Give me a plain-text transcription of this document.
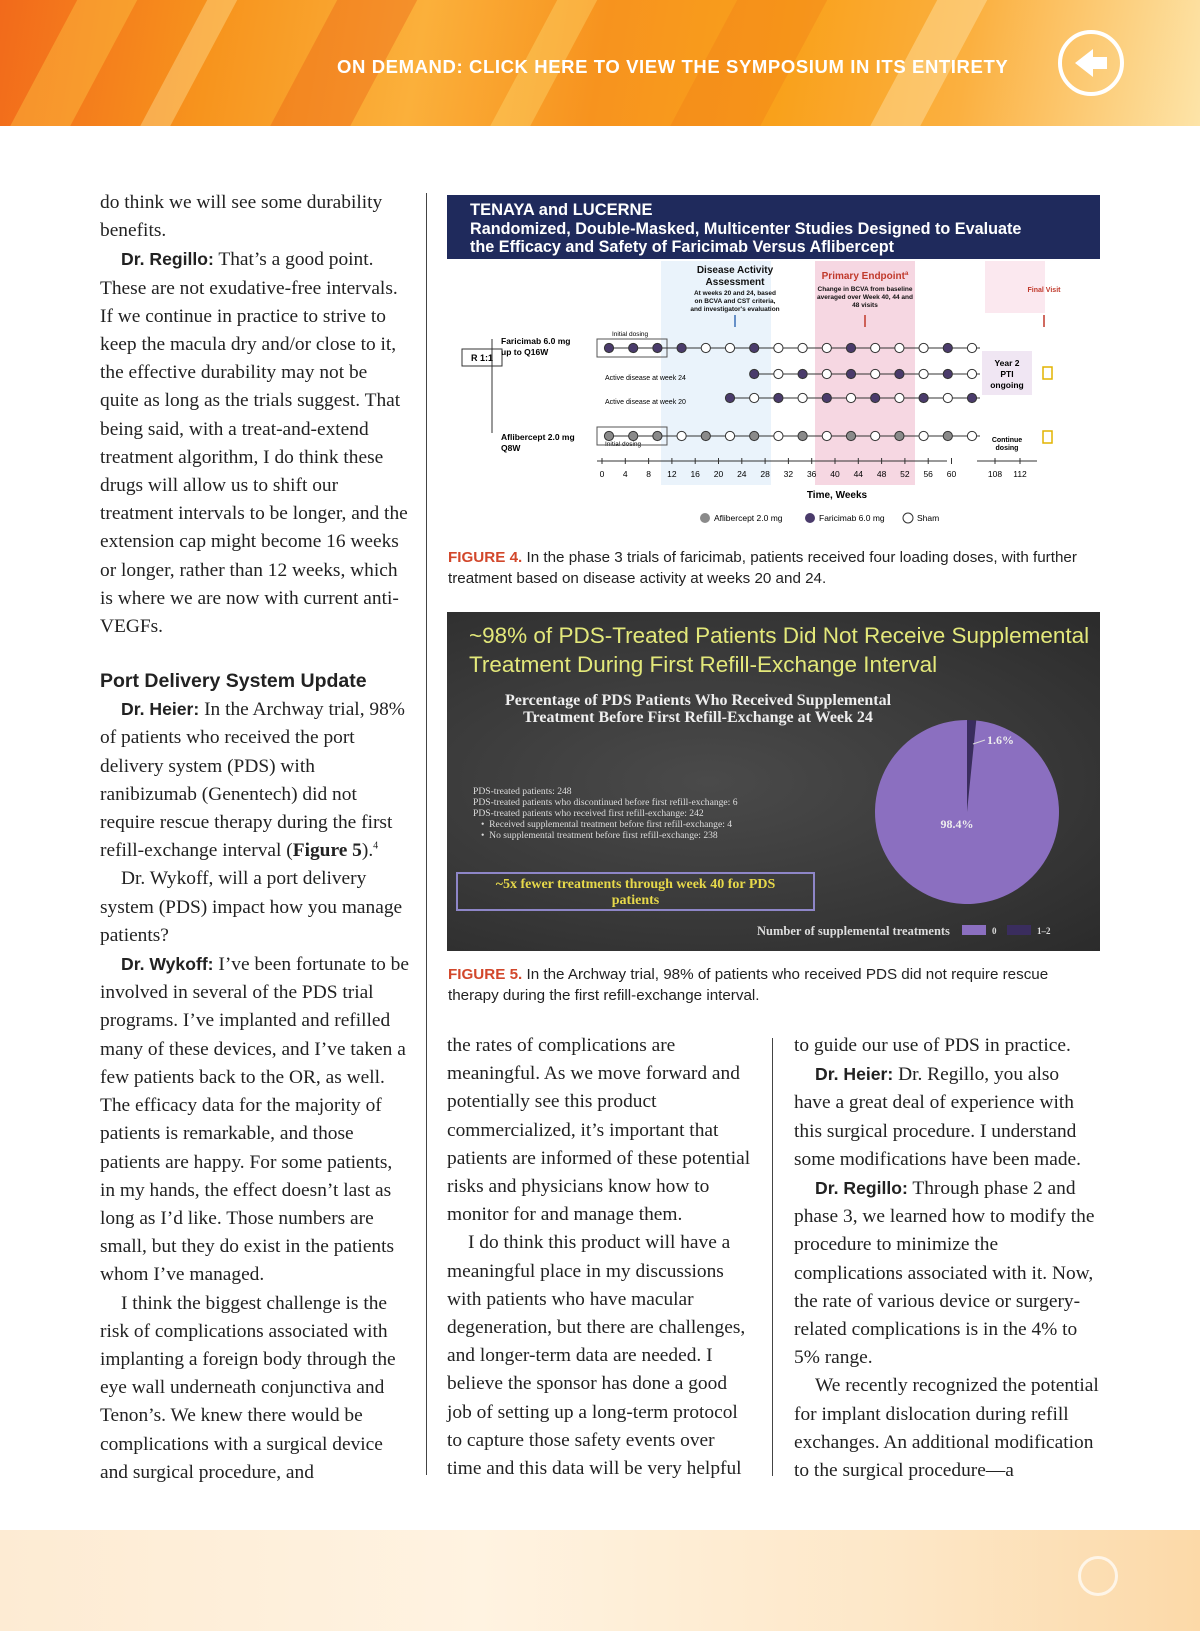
ON DEMAND: CLICK HERE TO VIEW THE SYMPOSIUM IN ITS ENTIRETY

do think we will see some durability benefits.

Dr. Regillo: That’s a good point. These are not exudative-free intervals. If we continue in practice to strive to keep the macula dry and/or close to it, the effective durability may not be quite as long as the trials suggest. That being said, with a treat-and-extend treatment algorithm, I do think these drugs will allow us to shift our treatment intervals to be longer, and the extension cap might become 16 weeks or longer, rather than 12 weeks, which is where we are now with current anti-VEGFs.

Port Delivery System Update

Dr. Heier: In the Archway trial, 98% of patients who received the port delivery system (PDS) with ranibizumab (Genentech) did not require rescue therapy during the first refill-exchange interval (Figure 5).$^4$

Dr. Wykoff, will a port delivery system (PDS) impact how you manage patients?

Dr. Wykoff: I’ve been fortunate to be involved in several of the PDS trial programs. I’ve implanted and refilled many of these devices, and I’ve taken a few patients back to the OR, as well. The efficacy data for the majority of patients is remarkable, and those patients are happy. For some patients, in my hands, the effect doesn’t last as long as I’d like. Those numbers are small, but they do exist in the patients whom I’ve managed.

I think the biggest challenge is the risk of complications associated with implanting a foreign body through the eye wall underneath conjunctiva and Tenon’s. We knew there would be complications with a surgical device and surgical procedure, and

TENAYA and LUCERNE
Randomized, Double-Masked, Multicenter Studies Designed to Evaluate
the Efficacy and Safety of Faricimab Versus Aflibercept
Disease Activity
Assessment
At weeks 20 and 24, based
on BCVA and CST criteria,
and investigator's evaluation
Primary Endpoint$^a$
Change in BCVA from baseline
averaged over Week 40, 44 and
48 visits
Final Visit
R 1:1
Faricimab 6.0 mg
up to Q16W
Aflibercept 2.0 mg
Q8W
Initial dosing
Active disease at week 24
Active disease at week 20
Initial dosing
Year 2
PTI
ongoing
Continue
dosing
0 4 8 12 16 20 24 28 32 36 40 44 48 52 56 60	108 112
Time, Weeks
Aflibercept 2.0 mg	Faricimab 6.0 mg	Sham
FIGURE 4. In the phase 3 trials of faricimab, patients received four loading doses, with further treatment based on disease activity at weeks 20 and 24.
~98% of PDS-Treated Patients Did Not Receive Supplemental
Treatment During First Refill-Exchange Interval
Percentage of PDS Patients Who Received Supplemental
Treatment Before First Refill-Exchange at Week 24
PDS-treated patients: 248
PDS-treated patients who discontinued before first refill-exchange: 6
PDS-treated patients who received first refill-exchange: 242
•  Received supplemental treatment before first refill-exchange: 4
•  No supplemental treatment before first refill-exchange: 238
~5x fewer treatments through week 40 for PDS
patients
98.4%
1.6%
0	1–2
Number of supplemental treatments
FIGURE 5. In the Archway trial, 98% of patients who received PDS did not require rescue therapy during the first refill-exchange interval.

the rates of complications are meaningful. As we move forward and potentially see this product commercialized, it’s important that patients are informed of these potential risks and physicians know how to monitor for and manage them.

I do think this product will have a meaningful place in my discussions with patients who have macular degeneration, but there are challenges, and longer-term data are needed. I believe the sponsor has done a good job of setting up a long-term protocol to capture those safety events over time and this data will be very helpful

to guide our use of PDS in practice.

Dr. Heier: Dr. Regillo, you also have a great deal of experience with this surgical procedure. I understand some modifications have been made.

Dr. Regillo: Through phase 2 and phase 3, we learned how to modify the procedure to minimize the complications associated with it. Now, the rate of various device or surgery-related complications is in the 4% to 5% range.

We recently recognized the potential for implant dislocation during refill exchanges. An additional modification to the surgical procedure—a
